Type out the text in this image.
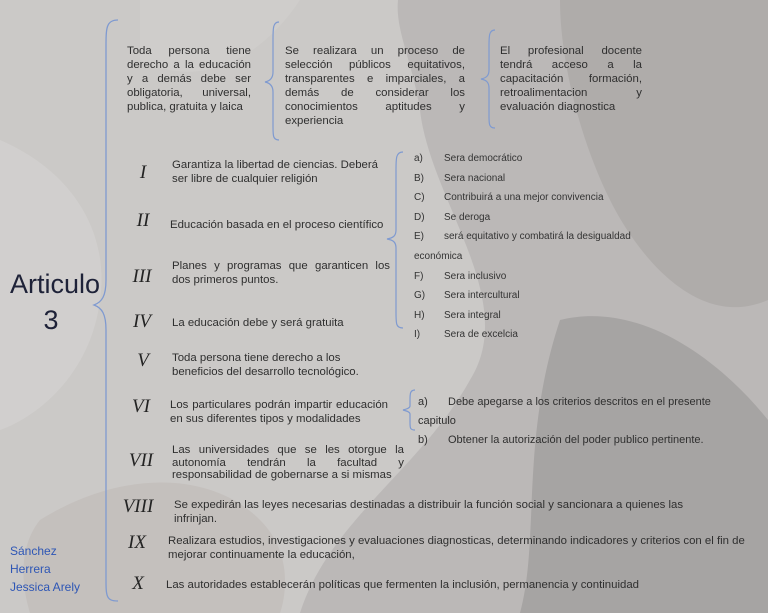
Articulo
3
Toda persona tiene derecho a la educación y a demás debe ser obligatoria, universal, publica, gratuita y laica
Se realizara un proceso de selección públicos equitativos, transparentes e imparciales, a demás de considerar los conocimientos aptitudes y experiencia
El profesional docente tendrá acceso a la capacitación formación, retroalimentacion y evaluación diagnostica
I	Garantiza la libertad de ciencias. Deberá ser libre de cualquier religión
II	Educación basada en el proceso científico
III	Planes y programas que garanticen los dos primeros puntos.
IV	La educación debe y será gratuita
V	Toda persona tiene derecho a los beneficios del desarrollo tecnológico.
VI	Los particulares podrán impartir educación en sus diferentes tipos y modalidades
VII	Las universidades que se les otorgue la autonomía tendrán la facultad y responsabilidad de gobernarse a si mismas
VIII	Se expedirán las leyes necesarias destinadas a distribuir la función social y sancionara a quienes las infrinjan.
IX	Realizara estudios, investigaciones y evaluaciones diagnosticas, determinando indicadores y criterios con el fin de mejorar continuamente la educación,
X	Las autoridades establecerán políticas que fermenten la inclusión, permanencia y continuidad
a) Sera democrático
B) Sera nacional
C) Contribuirá a una mejor convivencia
D) Se deroga
E) será equitativo y combatirá la desigualdad económica
F) Sera inclusivo
G) Sera intercultural
H) Sera integral
I) Sera de excelcia
a) Debe apegarse a los criterios descritos en el presente capitulo
b) Obtener la autorización del poder publico pertinente.
Sánchez
Herrera
Jessica Arely
